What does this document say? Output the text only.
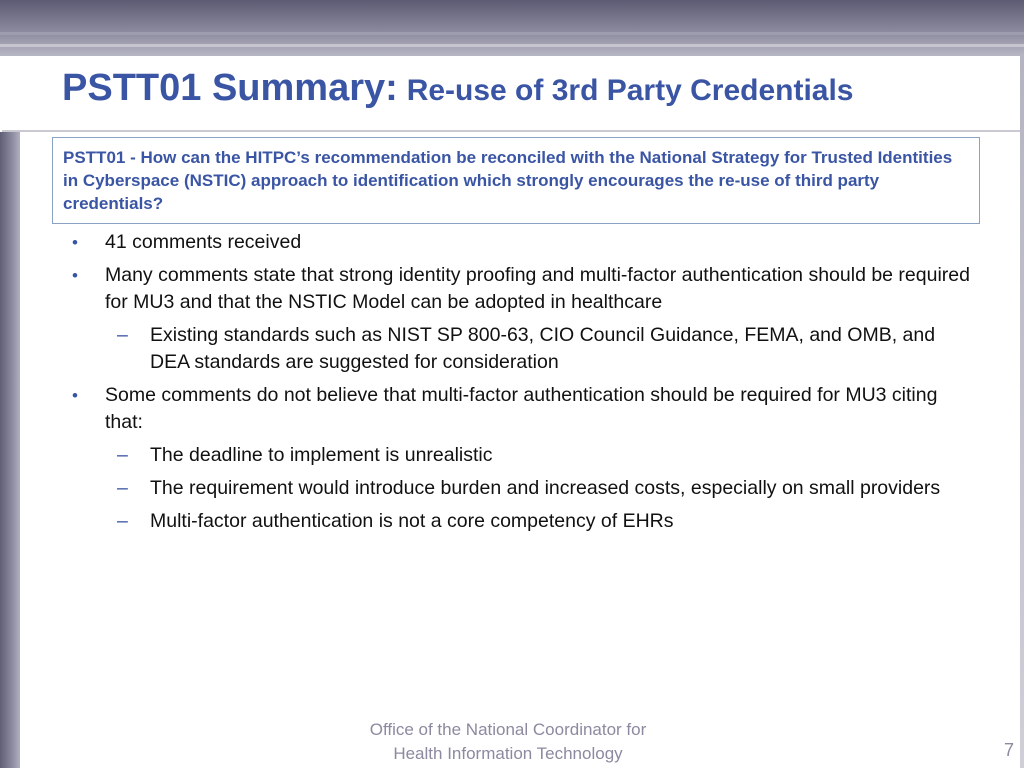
PSTT01 Summary: Re-use of 3rd Party Credentials
PSTT01 - How can the HITPC’s recommendation be reconciled with the National Strategy for Trusted Identities in Cyberspace (NSTIC) approach to identification which strongly encourages the re-use of third party credentials?
• 41 comments received
• Many comments state that strong identity proofing and multi-factor authentication should be required for MU3 and that the NSTIC Model can be adopted in healthcare
– Existing standards such as NIST SP 800-63, CIO Council Guidance, FEMA, and OMB, and DEA standards are suggested for consideration
• Some comments do not believe that multi-factor authentication should be required for MU3 citing that:
– The deadline to implement is unrealistic
– The requirement would introduce burden and increased costs, especially on small providers
– Multi-factor authentication is not a core competency of EHRs
Office of the National Coordinator for
Health Information Technology	7
